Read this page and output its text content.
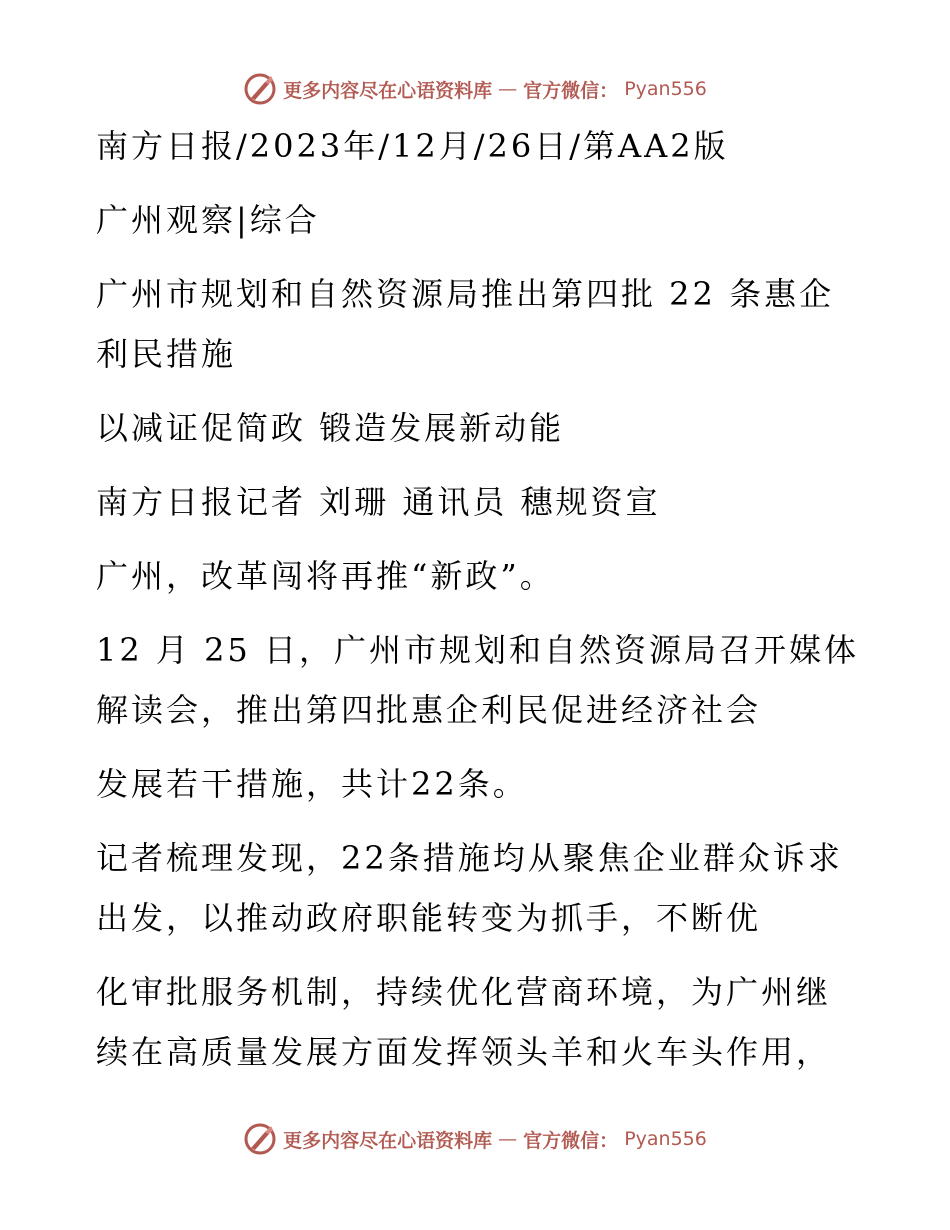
更多内容尽在心语资料库 — 官方微信： Pyan556
南方日报/2023年/12月/26日/第AA2版
广州观察|综合
广州市规划和自然资源局推出第四批 22 条惠企
利民措施
以减证促简政 锻造发展新动能
南方日报记者 刘珊 通讯员 穗规资宣
广州，改革闯将再推“新政”。
12 月 25 日，广州市规划和自然资源局召开媒体
解读会，推出第四批惠企利民促进经济社会
发展若干措施，共计22条。
记者梳理发现，22条措施均从聚焦企业群众诉求
出发，以推动政府职能转变为抓手，不断优
化审批服务机制，持续优化营商环境，为广州继
续在高质量发展方面发挥领头羊和火车头作用，
更多内容尽在心语资料库 — 官方微信： Pyan556
